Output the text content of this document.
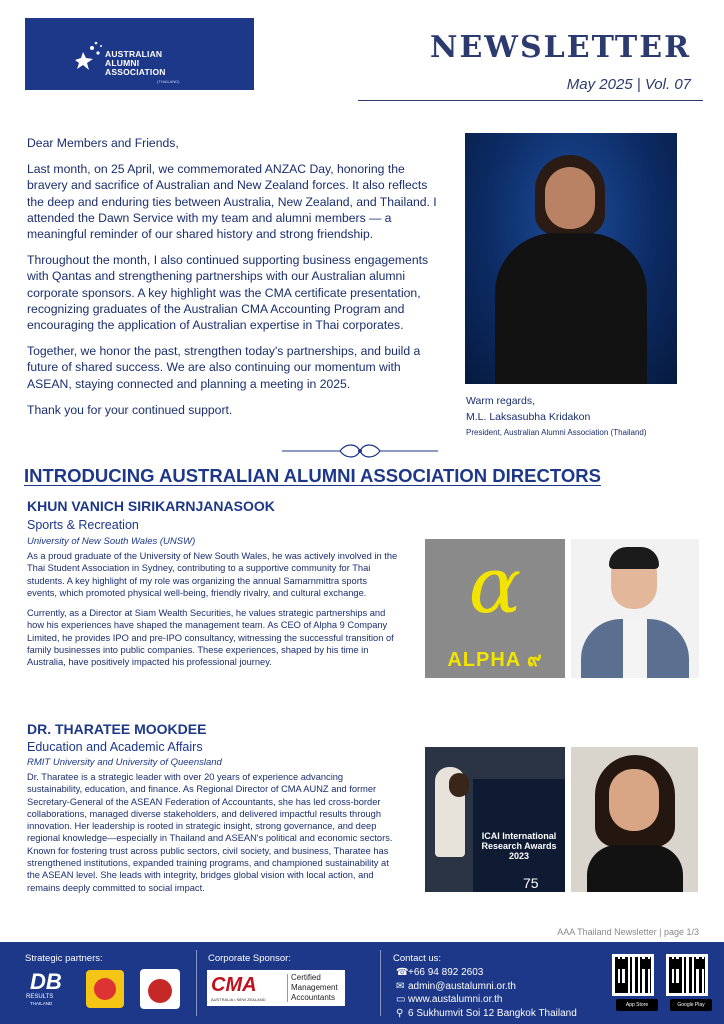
AUSTRALIAN
ALUMNI
ASSOCIATION
(THAILAND)
NEWSLETTER
May 2025 | Vol. 07

Dear Members and Friends,

Last month, on 25 April, we commemorated ANZAC Day, honoring the bravery and sacrifice of Australian and New Zealand forces. It also reflects the deep and enduring ties between Australia, New Zealand, and Thailand. I attended the Dawn Service with my team and alumni members — a meaningful reminder of our shared history and strong friendship.

Throughout the month, I also continued supporting business engagements with Qantas and strengthening partnerships with our Australian alumni corporate sponsors. A key highlight was the CMA certificate presentation, recognizing graduates of the Australian CMA Accounting Program and encouraging the application of Australian expertise in Thai corporates.

Together, we honor the past, strengthen today's partnerships, and build a future of shared success. We are also continuing our momentum with ASEAN, staying connected and planning a meeting in 2025.

Thank you for your continued support.

Warm regards,
M.L. Laksasubha Kridakon
President, Australian Alumni Association (Thailand)
INTRODUCING AUSTRALIAN ALUMNI ASSOCIATION DIRECTORS
KHUN VANICH SIRIKARNJANASOOK
Sports & Recreation
University of New South Wales (UNSW)

As a proud graduate of the University of New South Wales, he was actively involved in the Thai Student Association in Sydney, contributing to a supportive community for Thai students. A key highlight of my role was organizing the annual Samarnmittra sports events, which promoted physical well-being, friendly rivalry, and cultural exchange.

Currently, as a Director at Siam Wealth Securities, he values strategic partnerships and how his experiences have shaped the management team. As CEO of Alpha 9 Company Limited, he provides IPO and pre-IPO consultancy, witnessing the successful transition of family businesses into public companies. These experiences, shaped by his time in Australia, have positively impacted his professional journey.

α
ALPHA ๙
DR. THARATEE MOOKDEE
Education and Academic Affairs
RMIT University and University of Queensland

Dr. Tharatee is a strategic leader with over 20 years of experience advancing sustainability, education, and finance. As Regional Director of CMA AUNZ and former Secretary-General of the ASEAN Federation of Accountants, she has led cross-border collaborations, managed diverse stakeholders, and delivered impactful results through innovation. Her leadership is rooted in strategic insight, strong governance, and deep regional knowledge—especially in Thailand and ASEAN's political and economic sectors. Known for fostering trust across public sectors, civil society, and business, Tharatee has strengthened institutions, expanded training programs, and championed sustainability at the ASEAN level. She leads with integrity, bridges global vision with local action, and remains deeply committed to social impact.

ICAI International
Research Awards 2023
75
AAA Thailand Newsletter | page 1/3
Strategic partners:
DB
RESULTS
THAILAND
Corporate Sponsor:
CMA
AUSTRALIA • NEW ZEALAND
Certified
Management
Accountants
Contact us:
☎+66 94 892 2603
✉ admin@austalumni.or.th
▭ www.austalumni.or.th
⚲ 6 Sukhumvit Soi 12 Bangkok Thailand
App Store	Google Play
